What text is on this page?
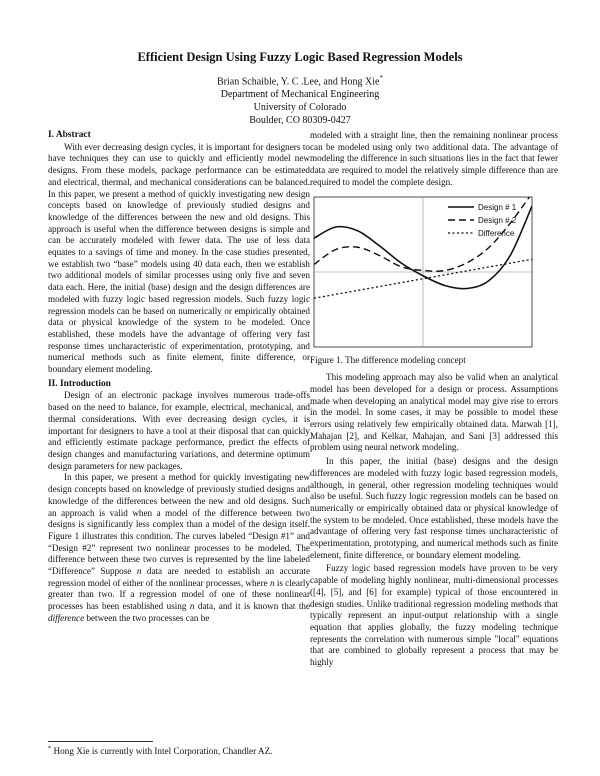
Efficient Design Using Fuzzy Logic Based Regression Models
Brian Schaible, Y. C .Lee, and Hong Xie*
Department of Mechanical Engineering
University of Colorado
Boulder, CO 80309-0427
I. Abstract

With ever decreasing design cycles, it is important for designers to have techniques they can use to quickly and efficiently model new designs. From these models, package performance can be estimated and electrical, thermal, and mechanical considerations can be balanced. In this paper, we present a method of quickly investigating new design concepts based on knowledge of previously studied designs and knowledge of the differences between the new and old designs. This approach is useful when the difference between designs is simple and can be accurately modeled with fewer data. The use of less data equates to a savings of time and money. In the case studies presented, we establish two “base” models using 40 data each, then we establish two additional models of similar processes using only five and seven data each. Here, the initial (base) design and the design differences are modeled with fuzzy logic based regression models. Such fuzzy logic regression models can be based on numerically or empirically obtained data or physical knowledge of the system to be modeled. Once established, these models have the advantage of offering very fast response times uncharacteristic of experimentation, prototyping, and numerical methods such as finite element, finite difference, or boundary element modeling.

II. Introduction

Design of an electronic package involves numerous trade-offs based on the need to balance, for example, electrical, mechanical, and thermal considerations. With ever decreasing design cycles, it is important for designers to have a tool at their disposal that can quickly and efficiently estimate package performance, predict the effects of design changes and manufacturing variations, and determine optimum design parameters for new packages.

In this paper, we present a method for quickly investigating new design concepts based on knowledge of previously studied designs and knowledge of the differences between the new and old designs. Such an approach is valid when a model of the difference between two designs is significantly less complex than a model of the design itself. Figure 1 illustrates this condition. The curves labeled “Design #1” and “Design #2” represent two nonlinear processes to be modeled. The difference between these two curves is represented by the line labeled “Difference” Suppose n data are needed to establish an accurate regression model of either of the nonlinear processes, where n is clearly greater than two. If a regression model of one of these nonlinear processes has been established using n data, and it is known that the difference between the two processes can be

modeled with a straight line, then the remaining nonlinear process can be modeled using only two additional data. The advantage of modeling the difference in such situations lies in the fact that fewer data are required to model the relatively simple difference than are required to model the complete design.

Design # 1
Design # 2
Difference
Figure 1. The difference modeling concept

This modeling approach may also be valid when an analytical model has been developed for a design or process. Assumptions made when developing an analytical model may give rise to errors in the model. In some cases, it may be possible to model these errors using relatively few empirically obtained data. Marwah [1], Mahajan [2], and Kelkar, Mahajan, and Sani [3] addressed this problem using neural network modeling.

In this paper, the initial (base) designs and the design differences are modeled with fuzzy logic based regression models, although, in general, other regression modeling techniques would also be useful. Such fuzzy logic regression models can be based on numerically or empirically obtained data or physical knowledge of the system to be modeled. Once established, these models have the advantage of offering very fast response times uncharacteristic of experimentation, prototyping, and numerical methods such as finite element, finite difference, or boundary element modeling.

Fuzzy logic based regression models have proven to be very capable of modeling highly nonlinear, multi-dimensional processes ([4], [5], and [6] for example) typical of those encountered in design studies. Unlike traditional regression modeling methods that typically represent an input-output relationship with a single equation that applies globally, the fuzzy modeling technique represents the correlation with numerous simple "local" equations that are combined to globally represent a process that may be highly

* Hong Xie is currently with Intel Corporation, Chandler AZ.
